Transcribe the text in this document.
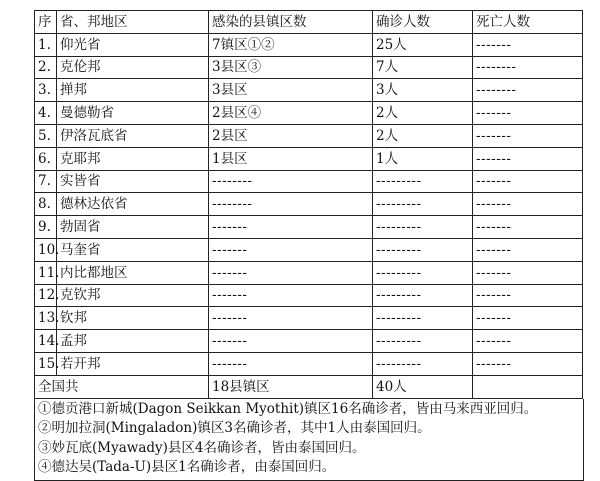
序	省、邦地区	感染的县镇区数	确诊人数	死亡人数
1.	仰光省	7镇区①②	25人	-------
2.	克伦邦	3县区③	7人	--------
3.	掸邦	3县区	3人	--------
4.	曼德勒省	2县区④	2人	-------
5.	伊洛瓦底省	2县区	2人	-------
6.	克耶邦	1县区	1人	-------
7.	实皆省	--------	---------	-------
8.	德林达依省	--------	---------	-------
9.	勃固省	-------	---------	-------
10.	马奎省	-------	---------	-------
11.	内比都地区	-------	---------	-------
12.	克钦邦	-------	---------	-------
13.	钦邦	-------	---------	-------
14.	孟邦	-------	---------	-------
15.	若开邦	-------	---------	-------
全国共		18县镇区	40人	
①德贡港口新城(Dagon Seikkan Myothit)镇区16名确诊者，皆由马来西亚回归。
②明加拉洞(Mingaladon)镇区3名确诊者，其中1人由泰国回归。
③妙瓦底(Myawady)县区4名确诊者，皆由泰国回归。
④德达吴(Tada-U)县区1名确诊者，由泰国回归。
